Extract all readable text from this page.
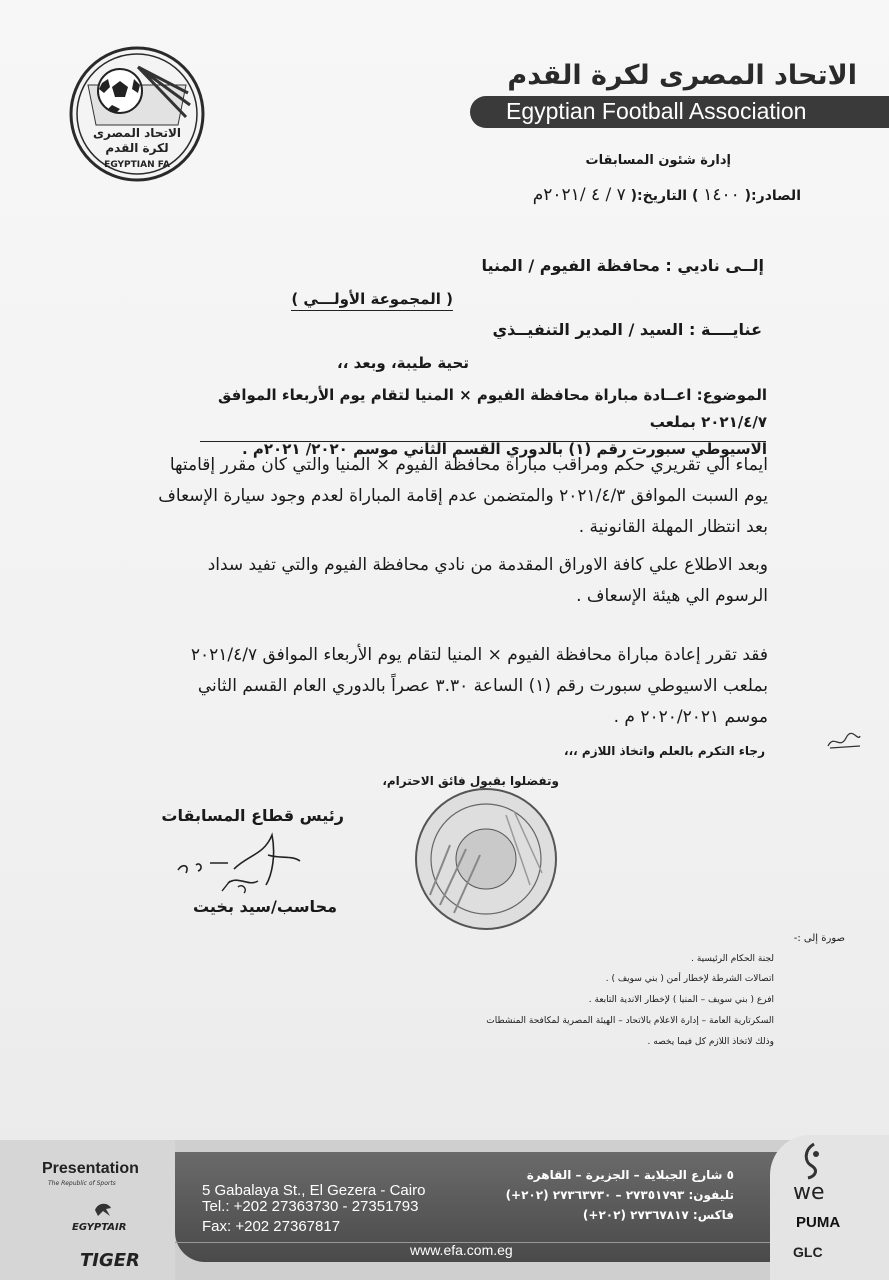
الاتحاد المصرى
لكرة القدم
EGYPTIAN FA
الاتحاد المصرى لكرة القدم
Egyptian Football Association
إدارة شئون المسابقات
الصادر:( ١٤٠٠ ) التاريخ:( ٧ / ٤ /٢٠٢١م
إلــى ناديي : محافظة الفيوم / المنيا
( المجموعة الأولـــي )
عنايــــة : السيد / المدير التنفيــذي
تحية طيبة، وبعد ،،
الموضوع: اعــادة مباراة محافظة الفيوم × المنيا لتقام يوم الأربعاء الموافق ٢٠٢١/٤/٧ بملعب
الاسيوطي سبورت رقم (١) بالدوري القسم الثاني موسم ٢٠٢٠/ ٢٠٢١م .
ايماء الي تقريري حكم ومراقب مباراة محافظة الفيوم × المنيا والتي كان مقرر إقامتها يوم السبت الموافق ٢٠٢١/٤/٣ والمتضمن عدم إقامة المباراة لعدم وجود سيارة الإسعاف بعد انتظار المهلة القانونية .
وبعد الاطلاع علي كافة الاوراق المقدمة من نادي محافظة الفيوم والتي تفيد سداد الرسوم الي هيئة الإسعاف .
فقد تقرر إعادة مباراة محافظة الفيوم × المنيا لتقام يوم الأربعاء الموافق ٢٠٢١/٤/٧ بملعب الاسيوطي سبورت رقم (١) الساعة ٣.٣٠ عصراً بالدوري العام القسم الثاني موسم ٢٠٢٠/٢٠٢١ م .
رجاء التكرم بالعلم واتخاذ اللازم ،،،
وتفضلوا بقبول فائق الاحترام،
رئيس قطاع المسابقات
محاسب/سيد بخيت
صورة إلى :-
لجنة الحكام الرئيسية .
اتصالات الشرطة لإخطار أمن ( بني سويف ) .
افرع ( بني سويف – المنيا ) لإخطار الاندية التابعة .
السكرتارية العامة – إدارة الاعلام بالاتحاد – الهيئة المصرية لمكافحة المنشطات
وذلك لاتخاذ اللازم كل فيما يخصه .
5 Gabalaya St., El Gezera - Cairo
Tel.: +202 27363730 - 27351793
Fax: +202 27367817
٥ شارع الجبلاية – الجزيرة – القاهرة
تليفون: ٢٧٣٥١٧٩٣ – ٢٧٣٦٣٧٣٠ (٢٠٢+)
فاكس: ٢٧٣٦٧٨١٧ (٢٠٢+)
www.efa.com.eg
Presentation
The Republic of Sports
EGYPTAIR
TIGER
we
PUMA
GLC
